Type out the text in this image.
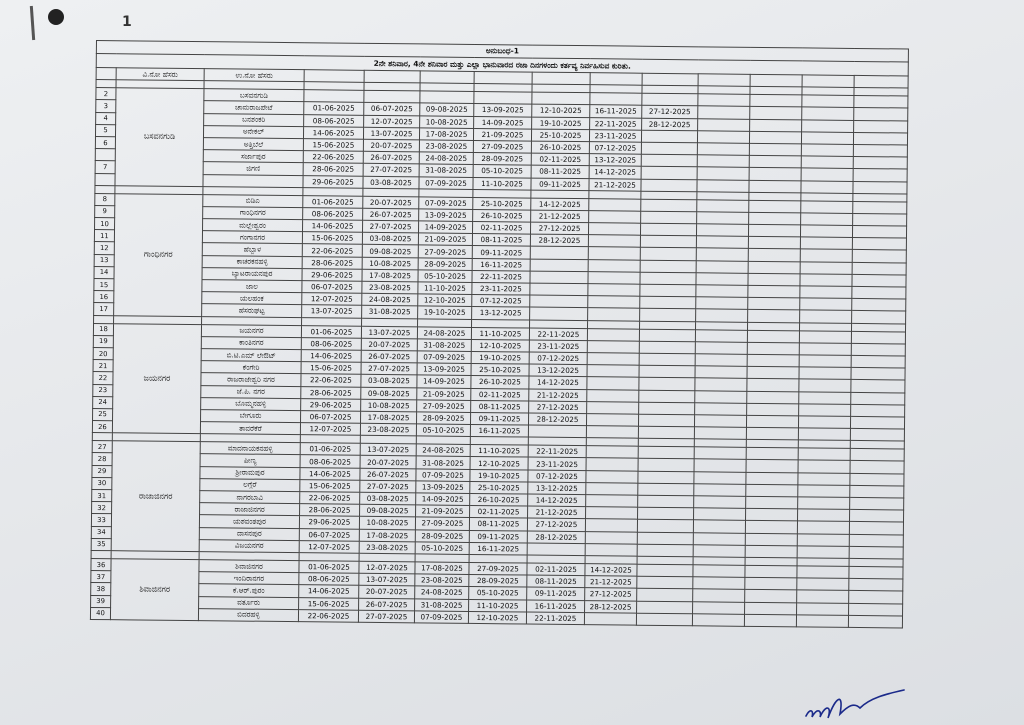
1
ಅನುಬಂಧ-1													
2ನೇ ಶನಿವಾರ, 4ನೇ ಶನಿವಾರ ಮತ್ತು ಎಲ್ಲಾ ಭಾನುವಾರದ ರಜಾ ದಿನಗಳಂದು ಕರ್ತವ್ಯ ನಿರ್ವಹಿಸುವ ಕುರಿತು.													
	ವಿ.ನೋ ಹೆಸರು	ಉ.ನೋ ಹೆಸರು											

2	ಬಸವನಗುಡಿ	ಬಸವನಗುಡಿ											
3		ಚಾಮರಾಜಪೇಟೆ	01-06-2025	06-07-2025	09-08-2025	13-09-2025	12-10-2025	16-11-2025	27-12-2025				
4		ಬನಶಂಕರಿ	08-06-2025	12-07-2025	10-08-2025	14-09-2025	19-10-2025	22-11-2025	28-12-2025				
5		ಅನೇಕಲ್	14-06-2025	13-07-2025	17-08-2025	21-09-2025	25-10-2025	23-11-2025					
6		ಅತ್ತಿಬೆಲೆ	15-06-2025	20-07-2025	23-08-2025	27-09-2025	26-10-2025	07-12-2025					
		ಸರ್ಜಾಪುರ	22-06-2025	26-07-2025	24-08-2025	28-09-2025	02-11-2025	13-12-2025					
7		ಜಿಗಣಿ	28-06-2025	27-07-2025	31-08-2025	05-10-2025	08-11-2025	14-12-2025					
			29-06-2025	03-08-2025	07-09-2025	11-10-2025	09-11-2025	21-12-2025					

8	ಗಾಂಧಿನಗರ	ಬಿಡಿಎ	01-06-2025	20-07-2025	07-09-2025	25-10-2025	14-12-2025						
9		ಗಾಂಧಿನಗರ	08-06-2025	26-07-2025	13-09-2025	26-10-2025	21-12-2025						
10		ಮಲ್ಲೇಶ್ವರಂ	14-06-2025	27-07-2025	14-09-2025	02-11-2025	27-12-2025						
11		ಗಂಗಾನಗರ	15-06-2025	03-08-2025	21-09-2025	08-11-2025	28-12-2025						
12		ಹೆಬ್ಬಾಳ	22-06-2025	09-08-2025	27-09-2025	09-11-2025							
13		ಕಾಚರಕನಹಳ್ಳಿ	28-06-2025	10-08-2025	28-09-2025	16-11-2025							
14		ಬ್ಯಾಟರಾಯನಪುರ	29-06-2025	17-08-2025	05-10-2025	22-11-2025							
15		ಜಾಲ	06-07-2025	23-08-2025	11-10-2025	23-11-2025							
16		ಯಲಹಂಕ	12-07-2025	24-08-2025	12-10-2025	07-12-2025							
17		ಹೆಸರುಘಟ್ಟ	13-07-2025	31-08-2025	19-10-2025	13-12-2025							

18	ಜಯನಗರ	ಜಯನಗರ	01-06-2025	13-07-2025	24-08-2025	11-10-2025	22-11-2025						
19		ಕಾಂತಿನಗರ	08-06-2025	20-07-2025	31-08-2025	12-10-2025	23-11-2025						
20		ಬಿ.ಟಿ.ಎಮ್ ಲೇಔಟ್	14-06-2025	26-07-2025	07-09-2025	19-10-2025	07-12-2025						
21		ಕೆಂಗೇರಿ	15-06-2025	27-07-2025	13-09-2025	25-10-2025	13-12-2025						
22		ರಾಜರಾಜೇಶ್ವರಿ ನಗರ	22-06-2025	03-08-2025	14-09-2025	26-10-2025	14-12-2025						
23		ಜೆ.ಪಿ. ನಗರ	28-06-2025	09-08-2025	21-09-2025	02-11-2025	21-12-2025						
24		ಬೊಮ್ಮನಹಳ್ಳಿ	29-06-2025	10-08-2025	27-09-2025	08-11-2025	27-12-2025						
25		ಬೇಗೂರು	06-07-2025	17-08-2025	28-09-2025	09-11-2025	28-12-2025						
26		ತಾವರೆಕೆರೆ	12-07-2025	23-08-2025	05-10-2025	16-11-2025							

27	ರಾಜಾಜಿನಗರ	ಮಾದನಾಯಕನಹಳ್ಳಿ	01-06-2025	13-07-2025	24-08-2025	11-10-2025	22-11-2025						
28		ಪೀಣ್ಯ	08-06-2025	20-07-2025	31-08-2025	12-10-2025	23-11-2025						
29		ಶ್ರೀರಾಮಪುರ	14-06-2025	26-07-2025	07-09-2025	19-10-2025	07-12-2025						
30		ಲಗ್ಗೆರೆ	15-06-2025	27-07-2025	13-09-2025	25-10-2025	13-12-2025						
31		ನಾಗರಬಾವಿ	22-06-2025	03-08-2025	14-09-2025	26-10-2025	14-12-2025						
32		ರಾಜಾಜಿನಗರ	28-06-2025	09-08-2025	21-09-2025	02-11-2025	21-12-2025						
33		ಯಶವಂತಪುರ	29-06-2025	10-08-2025	27-09-2025	08-11-2025	27-12-2025						
34		ದಾಸನಪುರ	06-07-2025	17-08-2025	28-09-2025	09-11-2025	28-12-2025						
35		ವಿಜಯನಗರ	12-07-2025	23-08-2025	05-10-2025	16-11-2025							

36	ಶಿವಾಜಿನಗರ	ಶಿವಾಜಿನಗರ	01-06-2025	12-07-2025	17-08-2025	27-09-2025	02-11-2025	14-12-2025					
37		ಇಂದಿರಾನಗರ	08-06-2025	13-07-2025	23-08-2025	28-09-2025	08-11-2025	21-12-2025					
38		ಕೆ.ಆರ್.ಪುರಂ	14-06-2025	20-07-2025	24-08-2025	05-10-2025	09-11-2025	27-12-2025					
39		ವರ್ತೂರು	15-06-2025	26-07-2025	31-08-2025	11-10-2025	16-11-2025	28-12-2025					
40		ಬಿದರಹಳ್ಳಿ	22-06-2025	27-07-2025	07-09-2025	12-10-2025	22-11-2025						
